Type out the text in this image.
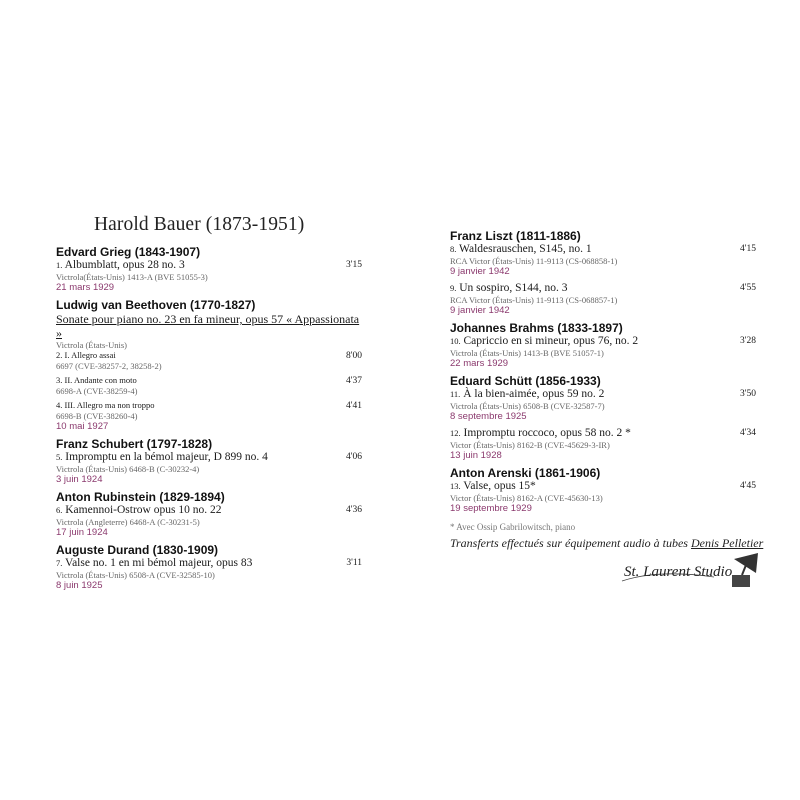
Harold Bauer (1873-1951)
Edvard Grieg (1843-1907)
1. Albumblatt, opus 28 no. 3	3'15
Victrola(États-Unis) 1413-A (BVE 51055-3)
21 mars 1929
Ludwig van Beethoven (1770-1827)
Sonate pour piano no. 23 en fa mineur, opus 57 « Appassionata »
Victrola (États-Unis)
2. I. Allegro assai	8'00
6697 (CVE-38257-2, 38258-2)
3. II. Andante con moto	4'37
6698-A (CVE-38259-4)
4. III. Allegro ma non troppo	4'41
6698-B (CVE-38260-4)
10 mai 1927
Franz Schubert (1797-1828)
5. Impromptu en la bémol majeur, D 899 no. 4	4'06
Victrola (États-Unis) 6468-B (C-30232-4)
3 juin 1924
Anton Rubinstein (1829-1894)
6. Kamennoi-Ostrow opus 10 no. 22	4'36
Victrola (Angleterre) 6468-A (C-30231-5)
17 juin 1924
Auguste Durand (1830-1909)
7. Valse no. 1 en mi bémol majeur, opus 83	3'11
Victrola (États-Unis) 6508-A (CVE-32585-10)
8 juin 1925
Franz Liszt (1811-1886)
8. Waldesrauschen, S145, no. 1	4'15
RCA Victor (États-Unis) 11-9113 (CS-068858-1)
9 janvier 1942
9. Un sospiro, S144, no. 3	4'55
RCA Victor (États-Unis) 11-9113 (CS-068857-1)
9 janvier 1942
Johannes Brahms (1833-1897)
10. Capriccio en si mineur, opus 76, no. 2	3'28
Victrola (États-Unis) 1413-B (BVE 51057-1)
22 mars 1929
Eduard Schütt (1856-1933)
11. À la bien-aimée, opus 59 no. 2	3'50
Victrola (États-Unis) 6508-B (CVE-32587-7)
8 septembre 1925
12. Impromptu roccoco, opus 58 no. 2 *	4'34
Victor (États-Unis) 8162-B (CVE-45629-3-IR)
13 juin 1928
Anton Arenski (1861-1906)
13. Valse, opus 15*	4'45
Victor (États-Unis) 8162-A (CVE-45630-13)
19 septembre 1929
* Avec Ossip Gabrilowitsch, piano
Transferts effectués sur équipement audio à tubes Denis Pelletier
St. Laurent Studio
